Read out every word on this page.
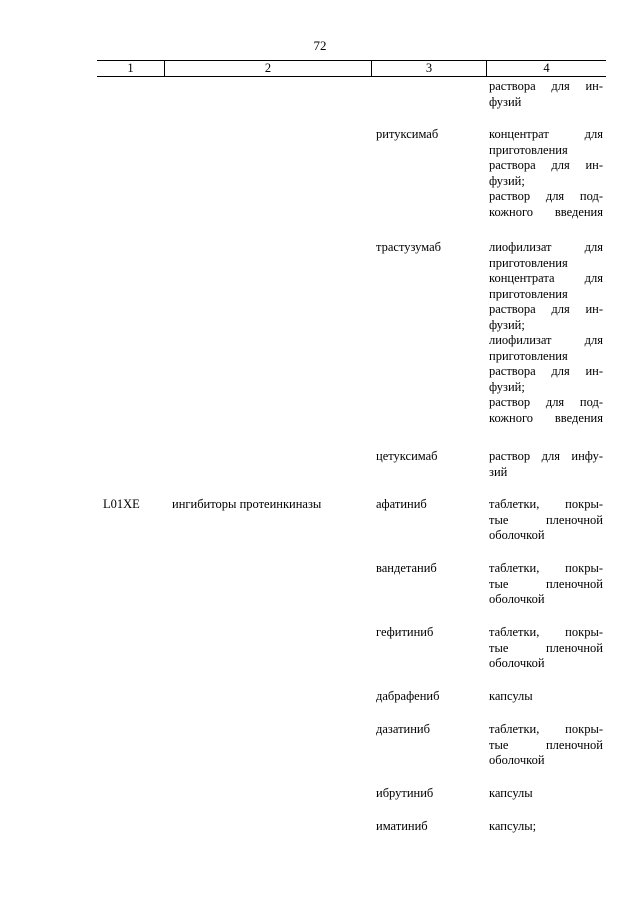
72
1	2	3	4
раствора для ин-
фузий
ритуксимаб	концентрат для
приготовления
раствора для ин-
фузий;
раствор для под-
кожного введения
трастузумаб	лиофилизат для
приготовления
концентрата для
приготовления
раствора для ин-
фузий;
лиофилизат для
приготовления
раствора для ин-
фузий;
раствор для под-
кожного введения
цетуксимаб	раствор для инфу-
зий
L01XE	ингибиторы протеинкиназы	афатиниб	таблетки, покры-
тые пленочной
оболочкой
вандетаниб	таблетки, покры-
тые пленочной
оболочкой
гефитиниб	таблетки, покры-
тые пленочной
оболочкой
дабрафениб	капсулы
дазатиниб	таблетки, покры-
тые пленочной
оболочкой
ибрутиниб	капсулы
иматиниб	капсулы;
